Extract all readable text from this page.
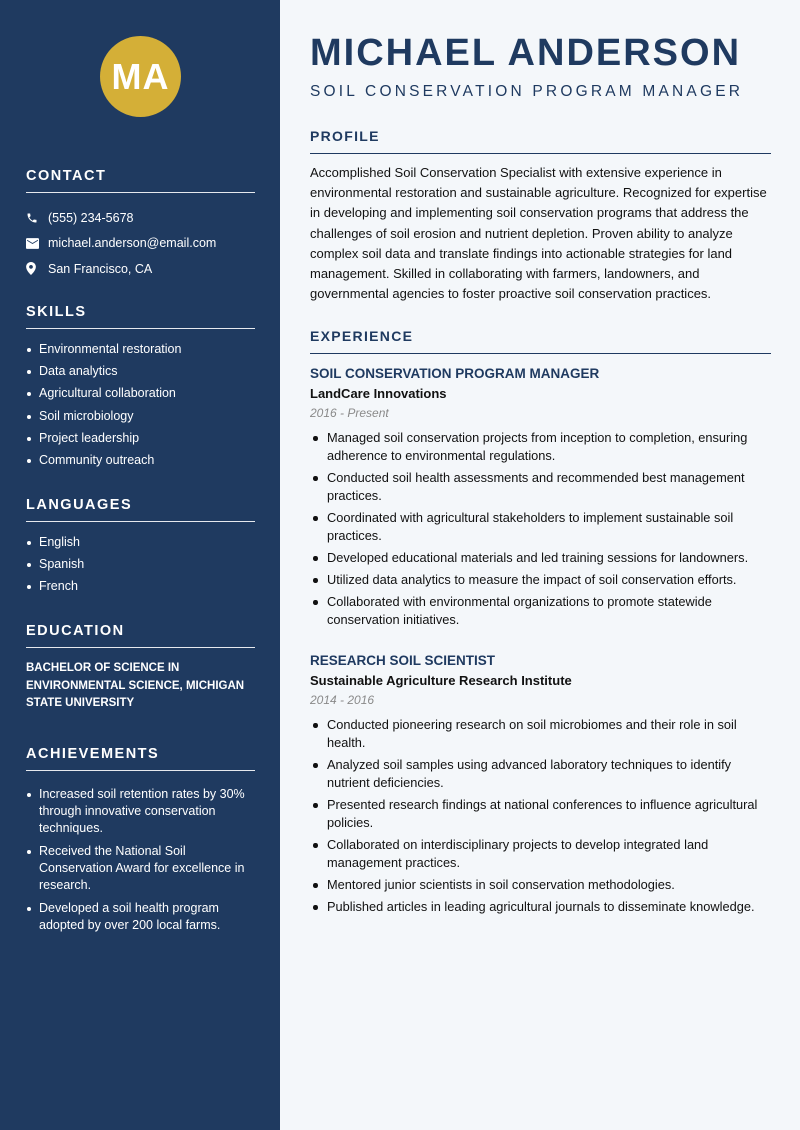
MA
CONTACT
(555) 234-5678
michael.anderson@email.com
San Francisco, CA
SKILLS
Environmental restoration
Data analytics
Agricultural collaboration
Soil microbiology
Project leadership
Community outreach
LANGUAGES
English
Spanish
French
EDUCATION
BACHELOR OF SCIENCE IN ENVIRONMENTAL SCIENCE, MICHIGAN STATE UNIVERSITY
ACHIEVEMENTS
Increased soil retention rates by 30% through innovative conservation techniques.
Received the National Soil Conservation Award for excellence in research.
Developed a soil health program adopted by over 200 local farms.
MICHAEL ANDERSON
SOIL CONSERVATION PROGRAM MANAGER
PROFILE
Accomplished Soil Conservation Specialist with extensive experience in environmental restoration and sustainable agriculture. Recognized for expertise in developing and implementing soil conservation programs that address the challenges of soil erosion and nutrient depletion. Proven ability to analyze complex soil data and translate findings into actionable strategies for land management. Skilled in collaborating with farmers, landowners, and governmental agencies to foster proactive soil conservation practices.
EXPERIENCE
SOIL CONSERVATION PROGRAM MANAGER
LandCare Innovations
2016 - Present
Managed soil conservation projects from inception to completion, ensuring adherence to environmental regulations.
Conducted soil health assessments and recommended best management practices.
Coordinated with agricultural stakeholders to implement sustainable soil practices.
Developed educational materials and led training sessions for landowners.
Utilized data analytics to measure the impact of soil conservation efforts.
Collaborated with environmental organizations to promote statewide conservation initiatives.
RESEARCH SOIL SCIENTIST
Sustainable Agriculture Research Institute
2014 - 2016
Conducted pioneering research on soil microbiomes and their role in soil health.
Analyzed soil samples using advanced laboratory techniques to identify nutrient deficiencies.
Presented research findings at national conferences to influence agricultural policies.
Collaborated on interdisciplinary projects to develop integrated land management practices.
Mentored junior scientists in soil conservation methodologies.
Published articles in leading agricultural journals to disseminate knowledge.
